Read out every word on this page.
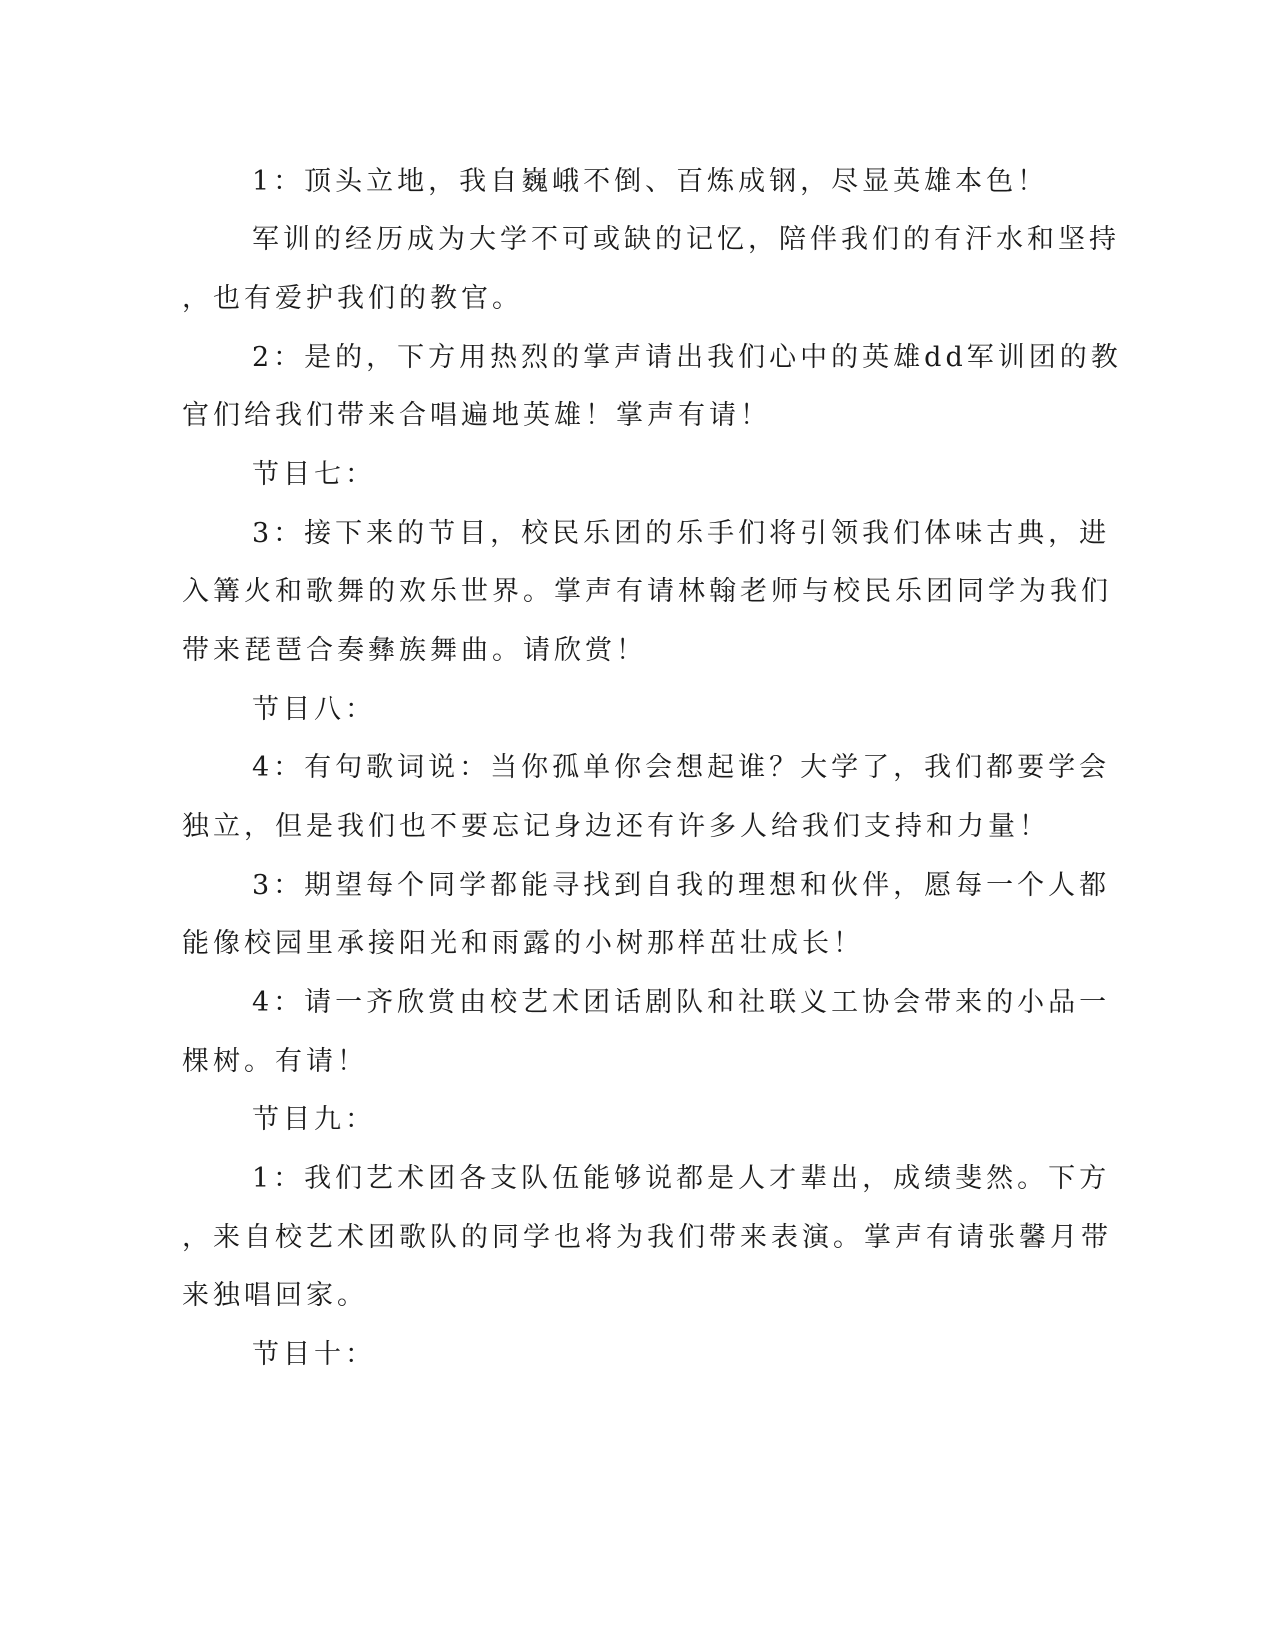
1：顶头立地，我自巍峨不倒、百炼成钢，尽显英雄本色！
军训的经历成为大学不可或缺的记忆，陪伴我们的有汗水和坚持
，也有爱护我们的教官。
2：是的，下方用热烈的掌声请出我们心中的英雄dd军训团的教
官们给我们带来合唱遍地英雄！掌声有请！
节目七：
3：接下来的节目，校民乐团的乐手们将引领我们体味古典，进
入篝火和歌舞的欢乐世界。掌声有请林翰老师与校民乐团同学为我们
带来琵琶合奏彝族舞曲。请欣赏！
节目八：
4：有句歌词说：当你孤单你会想起谁？大学了，我们都要学会
独立，但是我们也不要忘记身边还有许多人给我们支持和力量！
3：期望每个同学都能寻找到自我的理想和伙伴，愿每一个人都
能像校园里承接阳光和雨露的小树那样茁壮成长！
4：请一齐欣赏由校艺术团话剧队和社联义工协会带来的小品一
棵树。有请！
节目九：
1：我们艺术团各支队伍能够说都是人才辈出，成绩斐然。下方
，来自校艺术团歌队的同学也将为我们带来表演。掌声有请张馨月带
来独唱回家。
节目十：
